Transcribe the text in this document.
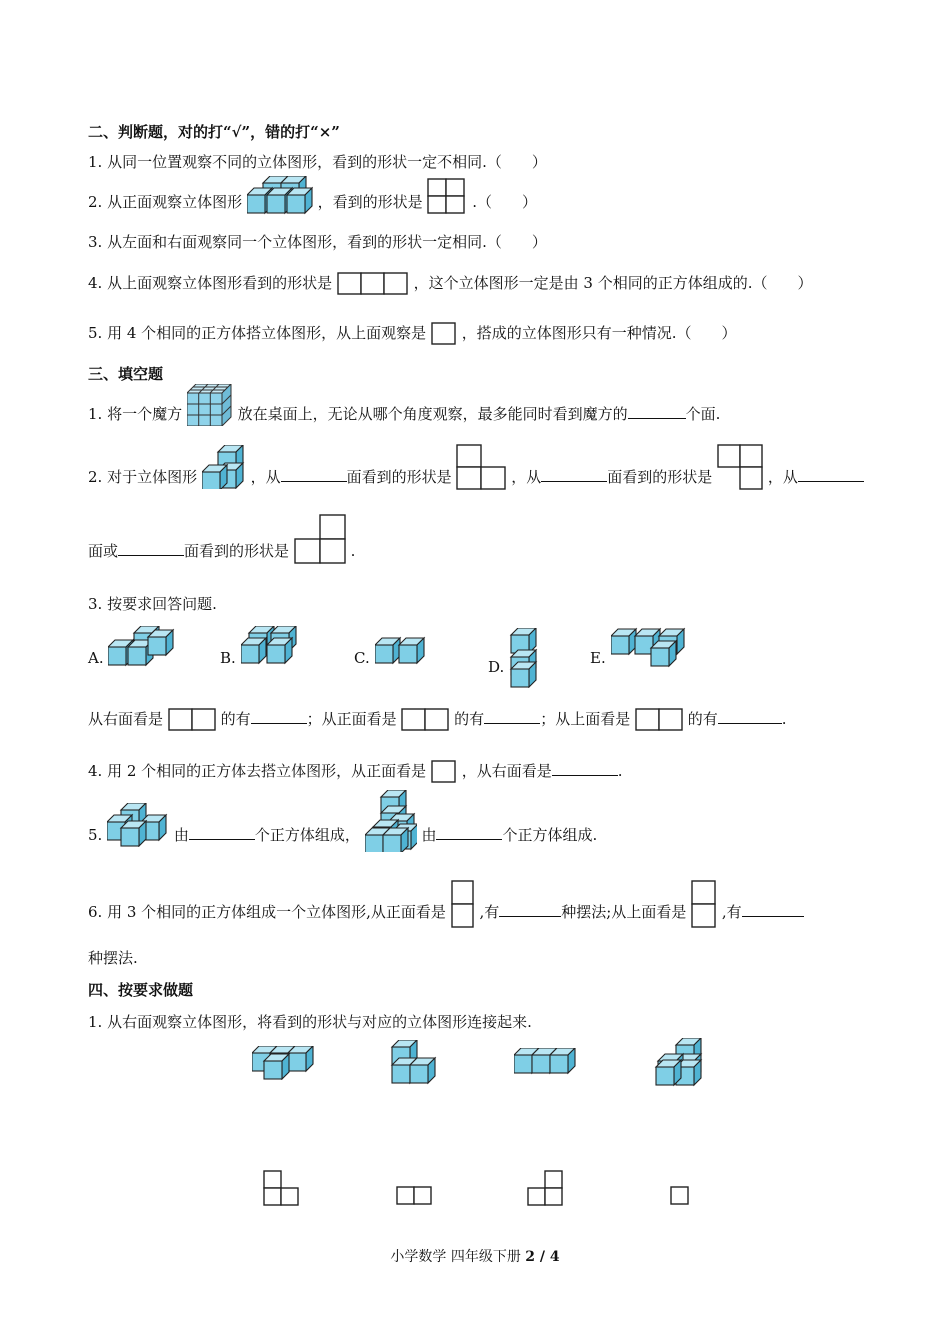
二、判断题，对的打“√”，错的打“×”
1. 从同一位置观察不同的立体图形，看到的形状一定不相同.（　　）
2. 从正面观察立体图形	，看到的形状是	.（　　）
3. 从左面和右面观察同一个立体图形，看到的形状一定相同.（　　）
4. 从上面观察立体图形看到的形状是	，这个立体图形一定是由 3 个相同的正方体组成的.（　　）
5. 用 4 个相同的正方体搭立体图形，从上面观察是 ，搭成的立体图形只有一种情况.（　　）
三、填空题
1. 将一个魔方	放在桌面上，无论从哪个角度观察，最多能同时看到魔方的	个面.
2. 对于立体图形	，从	面看到的形状是	，从	面看到的形状是	，从
面或	面看到的形状是	.
3. 按要求回答问题.
A.	B.	C.	D.	E.
从右面看是	的有	；从正面看是	的有	；从上面看是	的有	.
4. 用 2 个相同的正方体去搭立体图形，从正面看是 ，从右面看是	.
5.	由	个正方体组成，	由	个正方体组成.
6. 用 3 个相同的正方体组成一个立体图形,从正面看是 ,有	种摆法;从上面看是 ,有
种摆法.
四、按要求做题
1. 从右面观察立体图形，将看到的形状与对应的立体图形连接起来.
小学数学 四年级下册 2 / 4
